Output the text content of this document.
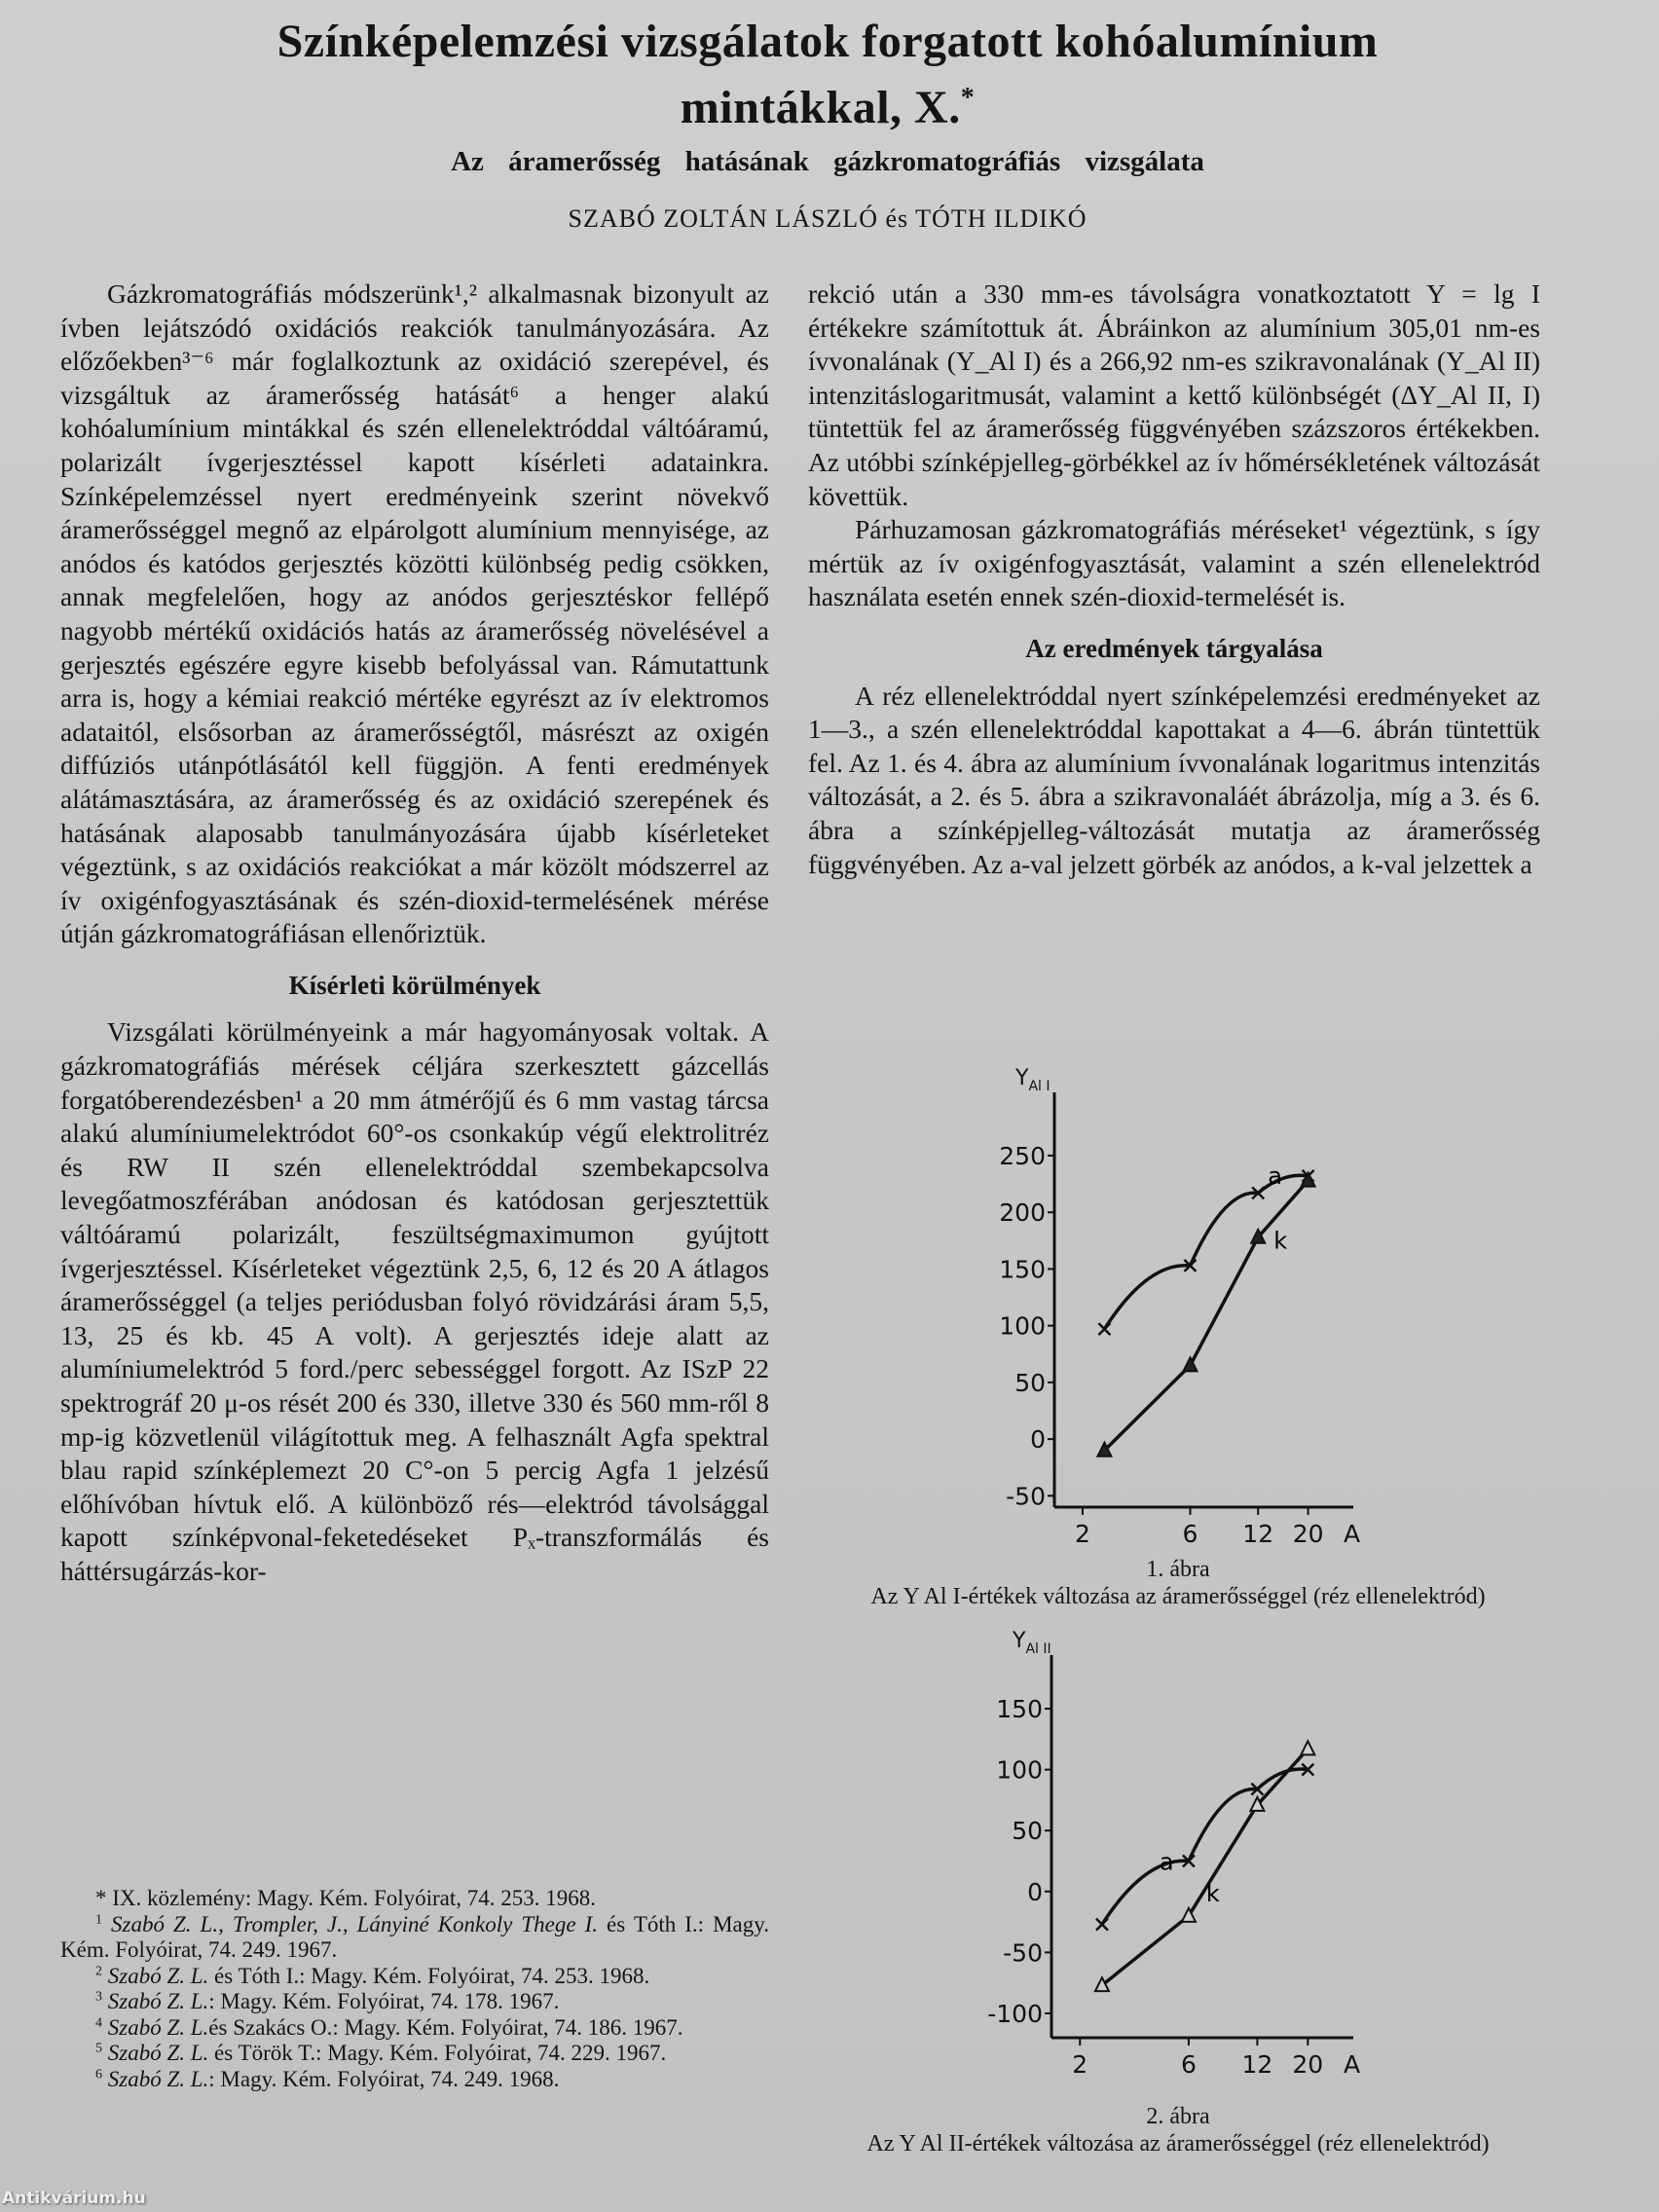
Színképelemzési vizsgálatok forgatott kohóalumínium
mintákkal, X.*
Az áramerősség hatásának gázkromatográfiás vizsgálata
SZABÓ ZOLTÁN LÁSZLÓ és TÓTH ILDIKÓ

Gázkromatográfiás módszerünk¹,² alkalmasnak bizonyult az ívben lejátszódó oxidációs reakciók tanulmányozására. Az előzőekben³⁻⁶ már foglalkoztunk az oxidáció szerepével, és vizsgáltuk az áramerősség hatását⁶ a henger alakú kohóalumínium mintákkal és szén ellenelektróddal váltóáramú, polarizált ívgerjesztéssel kapott kísérleti adatainkra. Színképelemzéssel nyert eredményeink szerint növekvő áramerősséggel megnő az elpárolgott alumínium mennyisége, az anódos és katódos gerjesztés közötti különbség pedig csökken, annak megfelelően, hogy az anódos gerjesztéskor fellépő nagyobb mértékű oxidációs hatás az áramerősség növelésével a gerjesztés egészére egyre kisebb befolyással van. Rámutattunk arra is, hogy a kémiai reakció mértéke egyrészt az ív elektromos adataitól, elsősorban az áramerősségtől, másrészt az oxigén diffúziós utánpótlásától kell függjön. A fenti eredmények alátámasztására, az áramerősség és az oxidáció szerepének és hatásának alaposabb tanulmányozására újabb kísérleteket végeztünk, s az oxidációs reakciókat a már közölt módszerrel az ív oxigénfogyasztásának és szén-dioxid-termelésének mérése útján gázkromatográfiásan ellenőriztük.

Kísérleti körülmények

Vizsgálati körülményeink a már hagyományosak voltak. A gázkromatográfiás mérések céljára szerkesztett gázcellás forgatóberendezésben¹ a 20 mm átmérőjű és 6 mm vastag tárcsa alakú alumíniumelektródot 60°-os csonkakúp végű elektrolitréz és RW II szén ellenelektróddal szembekapcsolva levegőatmoszférában anódosan és katódosan gerjesztettük váltóáramú polarizált, feszültségmaximumon gyújtott ívgerjesztéssel. Kísérleteket végeztünk 2,5, 6, 12 és 20 A átlagos áramerősséggel (a teljes periódusban folyó rövidzárási áram 5,5, 13, 25 és kb. 45 A volt). A gerjesztés ideje alatt az alumíniumelektród 5 ford./perc sebességgel forgott. Az ISzP 22 spektrográf 20 μ-os rését 200 és 330, illetve 330 és 560 mm-ről 8 mp-ig közvetlenül világítottuk meg. A felhasznált Agfa spektral blau rapid színképlemezt 20 C°-on 5 percig Agfa 1 jelzésű előhívóban hívtuk elő. A különböző rés—elektród távolsággal kapott színképvonal-feketedéseket Pₓ-transzformálás és háttérsugárzás-kor-

* IX. közlemény: Magy. Kém. Folyóirat, 74. 253. 1968.

$^1$ Szabó Z. L., Trompler, J., Lányiné Konkoly Thege I. és Tóth I.: Magy. Kém. Folyóirat, 74. 249. 1967.

$^2$ Szabó Z. L. és Tóth I.: Magy. Kém. Folyóirat, 74. 253. 1968.

$^3$ Szabó Z. L.: Magy. Kém. Folyóirat, 74. 178. 1967.

$^4$ Szabó Z. L.és Szakács O.: Magy. Kém. Folyóirat, 74. 186. 1967.

$^5$ Szabó Z. L. és Török T.: Magy. Kém. Folyóirat, 74. 229. 1967.

$^6$ Szabó Z. L.: Magy. Kém. Folyóirat, 74. 249. 1968.

rekció után a 330 mm-es távolságra vonatkoztatott Y = lg I értékekre számítottuk át. Ábráinkon az alumínium 305,01 nm-es ívvonalának (Y_Al I) és a 266,92 nm-es szikravonalának (Y_Al II) intenzitáslogaritmusát, valamint a kettő különbségét (ΔY_Al II, I) tüntettük fel az áramerősség függvényében százszoros értékekben. Az utóbbi színképjelleg-görbékkel az ív hőmérsékletének változását követtük.

Párhuzamosan gázkromatográfiás méréseket¹ végeztünk, s így mértük az ív oxigénfogyasztását, valamint a szén ellenelektród használata esetén ennek szén-dioxid-termelését is.

Az eredmények tárgyalása

A réz ellenelektróddal nyert színképelemzési eredményeket az 1—3., a szén ellenelektróddal kapottakat a 4—6. ábrán tüntettük fel. Az 1. és 4. ábra az alumínium ívvonalának logaritmus intenzitás változását, a 2. és 5. ábra a szikravonaláét ábrázolja, míg a 3. és 6. ábra a színképjelleg-változását mutatja az áramerősség függvényében. Az a-val jelzett görbék az anódos, a k-val jelzettek a

$Y_{Al I}$
-50
0
50
100
150
200
250
2	6 12 20 A
a
k
1. ábra
Az Y Al I-értékek változása az áramerősséggel (réz ellenelektród)
$Y_{Al II}$
-100
-50
0
50
100
150
2	6 12 20 A
a
k
2. ábra
Az Y Al II-értékek változása az áramerősséggel (réz ellenelektród)
Antikvárium.hu
